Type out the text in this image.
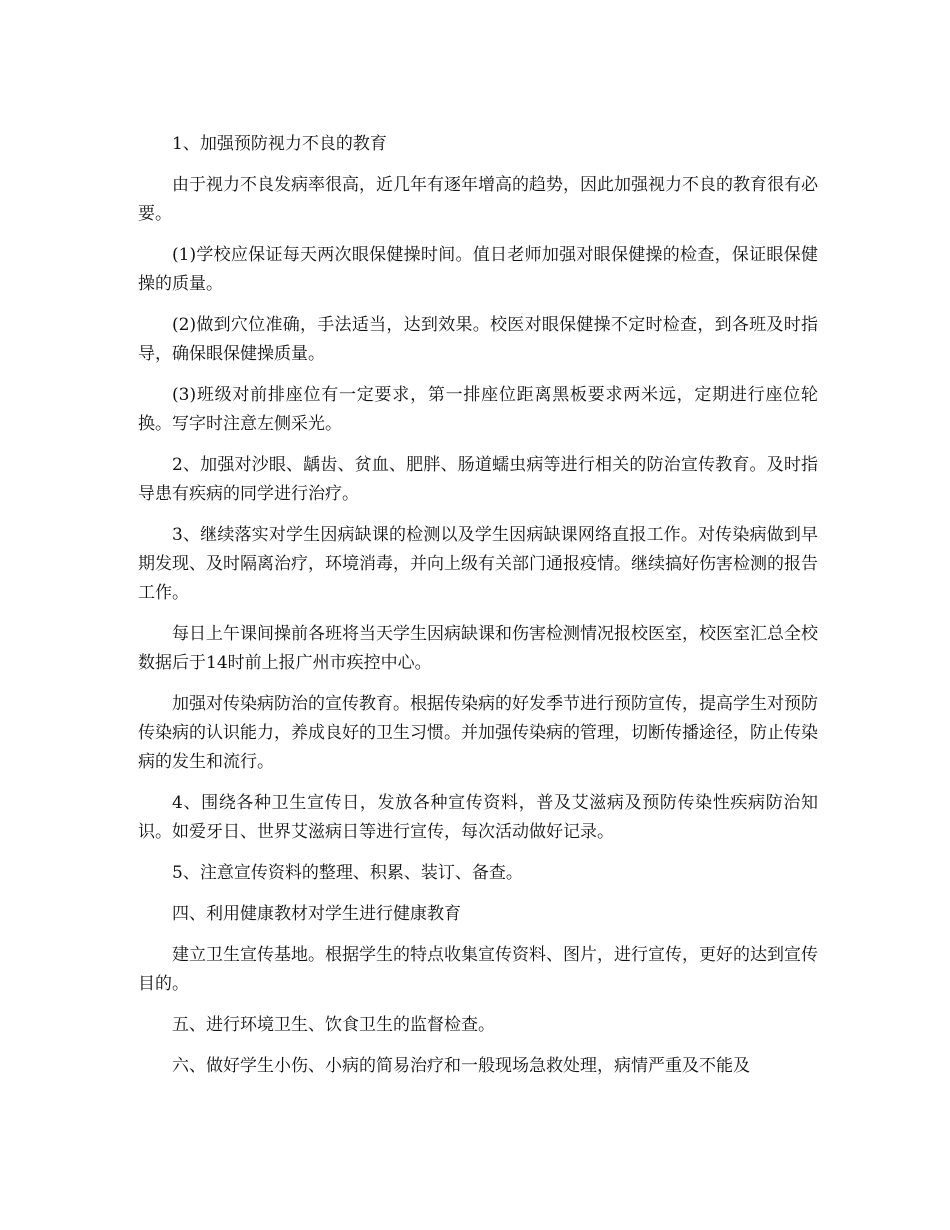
1、加强预防视力不良的教育

由于视力不良发病率很高，近几年有逐年增高的趋势，因此加强视力不良的教育很有必要。

(1)学校应保证每天两次眼保健操时间。值日老师加强对眼保健操的检查，保证眼保健操的质量。

(2)做到穴位准确，手法适当，达到效果。校医对眼保健操不定时检查，到各班及时指导，确保眼保健操质量。

(3)班级对前排座位有一定要求，第一排座位距离黑板要求两米远，定期进行座位轮换。写字时注意左侧采光。

2、加强对沙眼、龋齿、贫血、肥胖、肠道蠕虫病等进行相关的防治宣传教育。及时指导患有疾病的同学进行治疗。

3、继续落实对学生因病缺课的检测以及学生因病缺课网络直报工作。对传染病做到早期发现、及时隔离治疗，环境消毒，并向上级有关部门通报疫情。继续搞好伤害检测的报告工作。

每日上午课间操前各班将当天学生因病缺课和伤害检测情况报校医室，校医室汇总全校数据后于14时前上报广州市疾控中心。

加强对传染病防治的宣传教育。根据传染病的好发季节进行预防宣传，提高学生对预防传染病的认识能力，养成良好的卫生习惯。并加强传染病的管理，切断传播途径，防止传染病的发生和流行。

4、围绕各种卫生宣传日，发放各种宣传资料，普及艾滋病及预防传染性疾病防治知识。如爱牙日、世界艾滋病日等进行宣传，每次活动做好记录。

5、注意宣传资料的整理、积累、装订、备查。

四、利用健康教材对学生进行健康教育

建立卫生宣传基地。根据学生的特点收集宣传资料、图片，进行宣传，更好的达到宣传目的。

五、进行环境卫生、饮食卫生的监督检查。

六、做好学生小伤、小病的简易治疗和一般现场急救处理，病情严重及不能及
